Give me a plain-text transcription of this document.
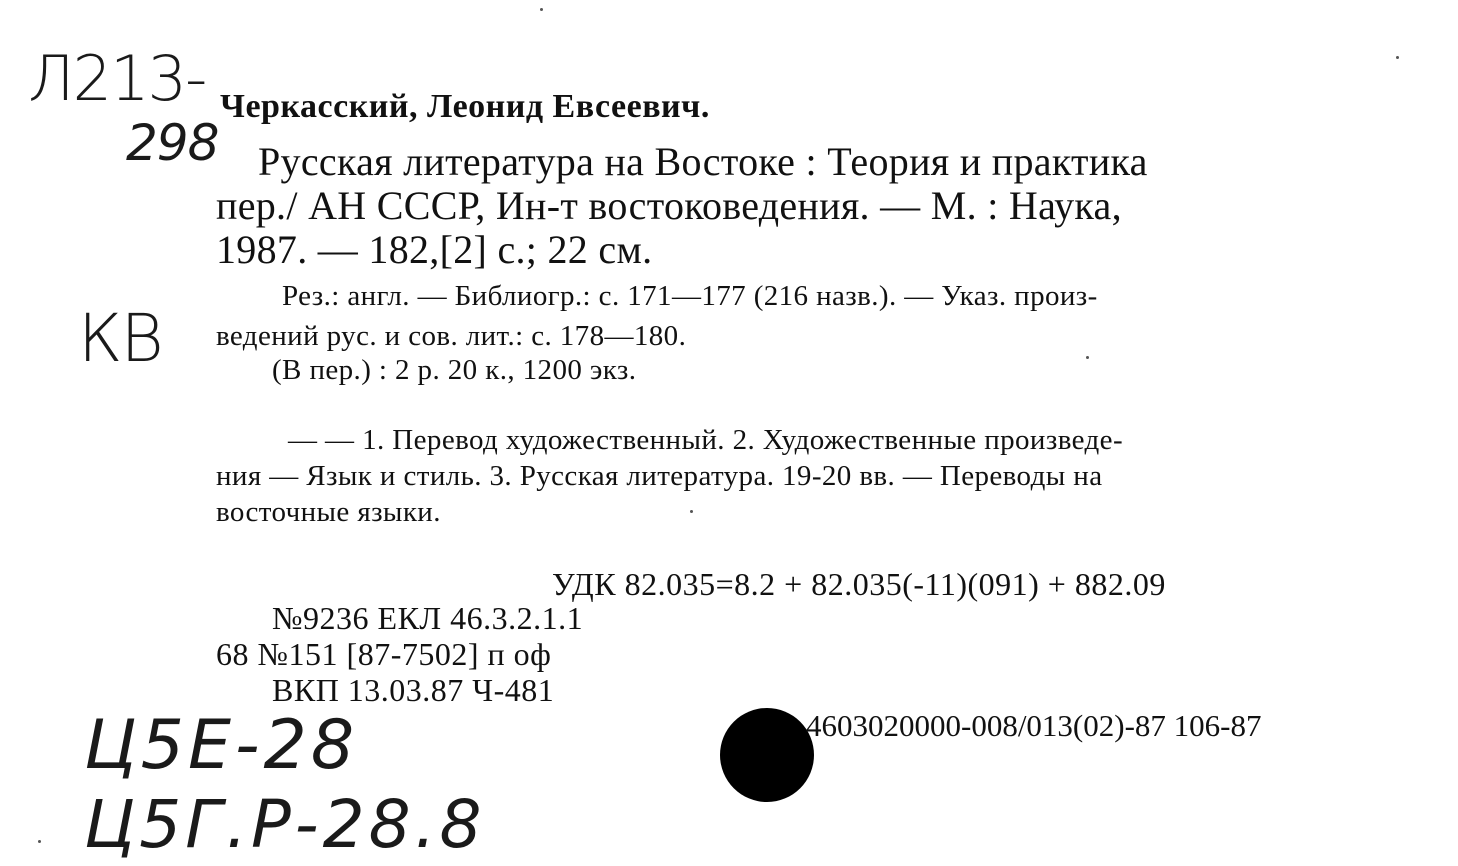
Л213-
298
КВ
Ц5Е-28
Ц5Г.Р-28.8
Черкасский, Леонид Евсеевич.
Русская литература на Востоке : Теория и практика
пер./ АН СССР, Ин-т востоковедения. — М. : Наука,
1987. — 182,[2] с.; 22 см.
Рез.: англ. — Библиогр.: с. 171—177 (216 назв.). — Указ. произ-
ведений рус. и сов. лит.: с. 178—180.
(В пер.) : 2 р. 20 к., 1200 экз.
— — 1. Перевод художественный. 2. Художественные произведе-
ния — Язык и стиль. 3. Русская литература. 19-20 вв. — Переводы на
восточные языки.
УДК 82.035=8.2 + 82.035(-11)(091) + 882.09
№9236 ЕКЛ 46.3.2.1.1
68 №151 [87-7502] п оф
ВКП 13.03.87 Ч-481
4603020000-008/013(02)-87 106-87
